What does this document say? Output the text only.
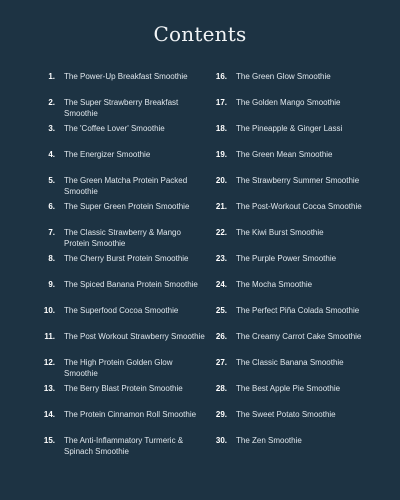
Contents
1. The Power-Up Breakfast Smoothie
2. The Super Strawberry Breakfast Smoothie
3. The 'Coffee Lover' Smoothie
4. The Energizer Smoothie
5. The Green Matcha Protein Packed Smoothie
6. The Super Green Protein Smoothie
7. The Classic Strawberry & Mango Protein Smoothie
8. The Cherry Burst Protein Smoothie
9. The Spiced Banana Protein Smoothie
10. The Superfood Cocoa Smoothie
11. The Post Workout Strawberry Smoothie
12. The High Protein Golden Glow Smoothie
13. The Berry Blast Protein Smoothie
14. The Protein Cinnamon Roll Smoothie
15. The Anti-Inflammatory Turmeric & Spinach Smoothie
16. The Green Glow Smoothie
17. The Golden Mango Smoothie
18. The Pineapple & Ginger Lassi
19. The Green Mean Smoothie
20. The Strawberry Summer Smoothie
21. The Post-Workout Cocoa Smoothie
22. The Kiwi Burst Smoothie
23. The Purple Power Smoothie
24. The Mocha Smoothie
25. The Perfect Piña Colada Smoothie
26. The Creamy Carrot Cake Smoothie
27. The Classic Banana Smoothie
28. The Best Apple Pie Smoothie
29. The Sweet Potato Smoothie
30. The Zen Smoothie
